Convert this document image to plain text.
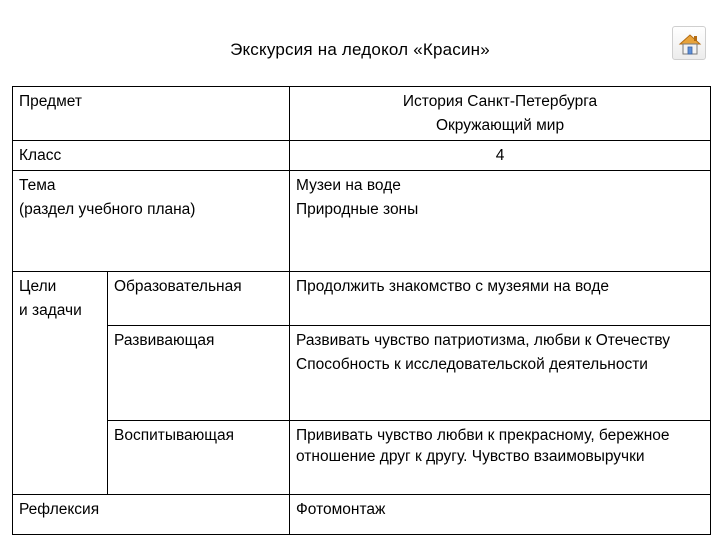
Экскурсия на ледокол «Красин»
Предмет		История Санкт-Петербурга
Окружающий мир

Класс		4

Тема
(раздел учебного плана)		Музеи на воде
Природные зоны

Цели
и задачи	Образовательная	Продолжить знакомство с музеями на воде
	Развивающая	Развивать чувство патриотизма, любви к Отечеству
Способность к исследовательской деятельности

	Воспитывающая	Прививать чувство любви к прекрасному, бережное отношение друг к другу. Чувство взаимовыручки
Рефлексия		Фотомонтаж
